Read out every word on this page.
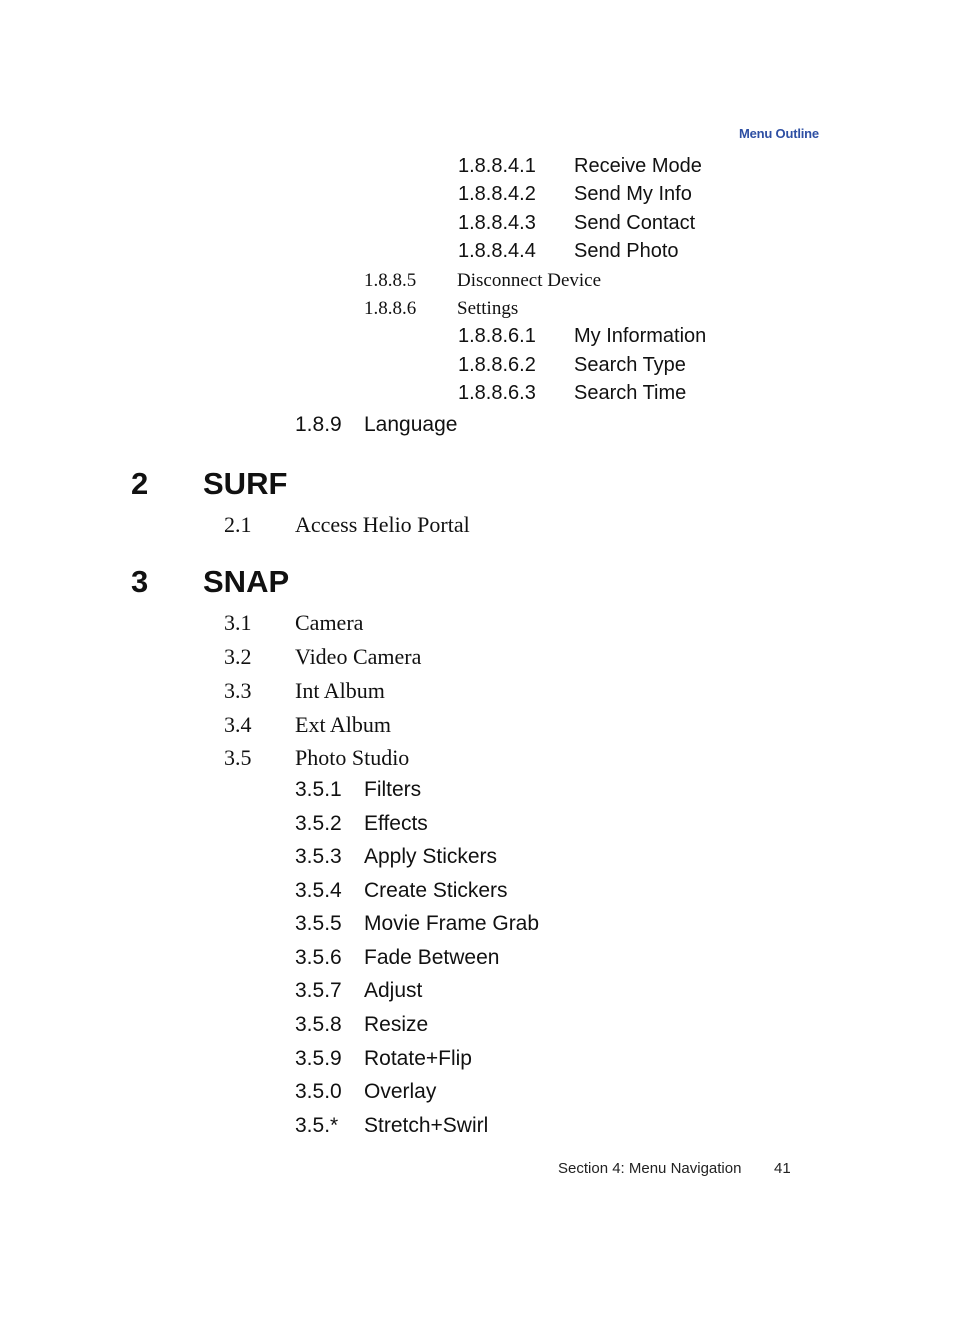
Menu Outline
1.8.8.4.1 Receive Mode
1.8.8.4.2 Send My Info
1.8.8.4.3 Send Contact
1.8.8.4.4 Send Photo
1.8.8.5 Disconnect Device
1.8.8.6 Settings
1.8.8.6.1 My Information
1.8.8.6.2 Search Type
1.8.8.6.3 Search Time
1.8.9 Language
2 SURF
2.1 Access Helio Portal
3 SNAP
3.1 Camera
3.2 Video Camera
3.3 Int Album
3.4 Ext Album
3.5 Photo Studio
3.5.1 Filters
3.5.2 Effects
3.5.3 Apply Stickers
3.5.4 Create Stickers
3.5.5 Movie Frame Grab
3.5.6 Fade Between
3.5.7 Adjust
3.5.8 Resize
3.5.9 Rotate+Flip
3.5.0 Overlay
3.5.* Stretch+Swirl
Section 4: Menu Navigation 41
